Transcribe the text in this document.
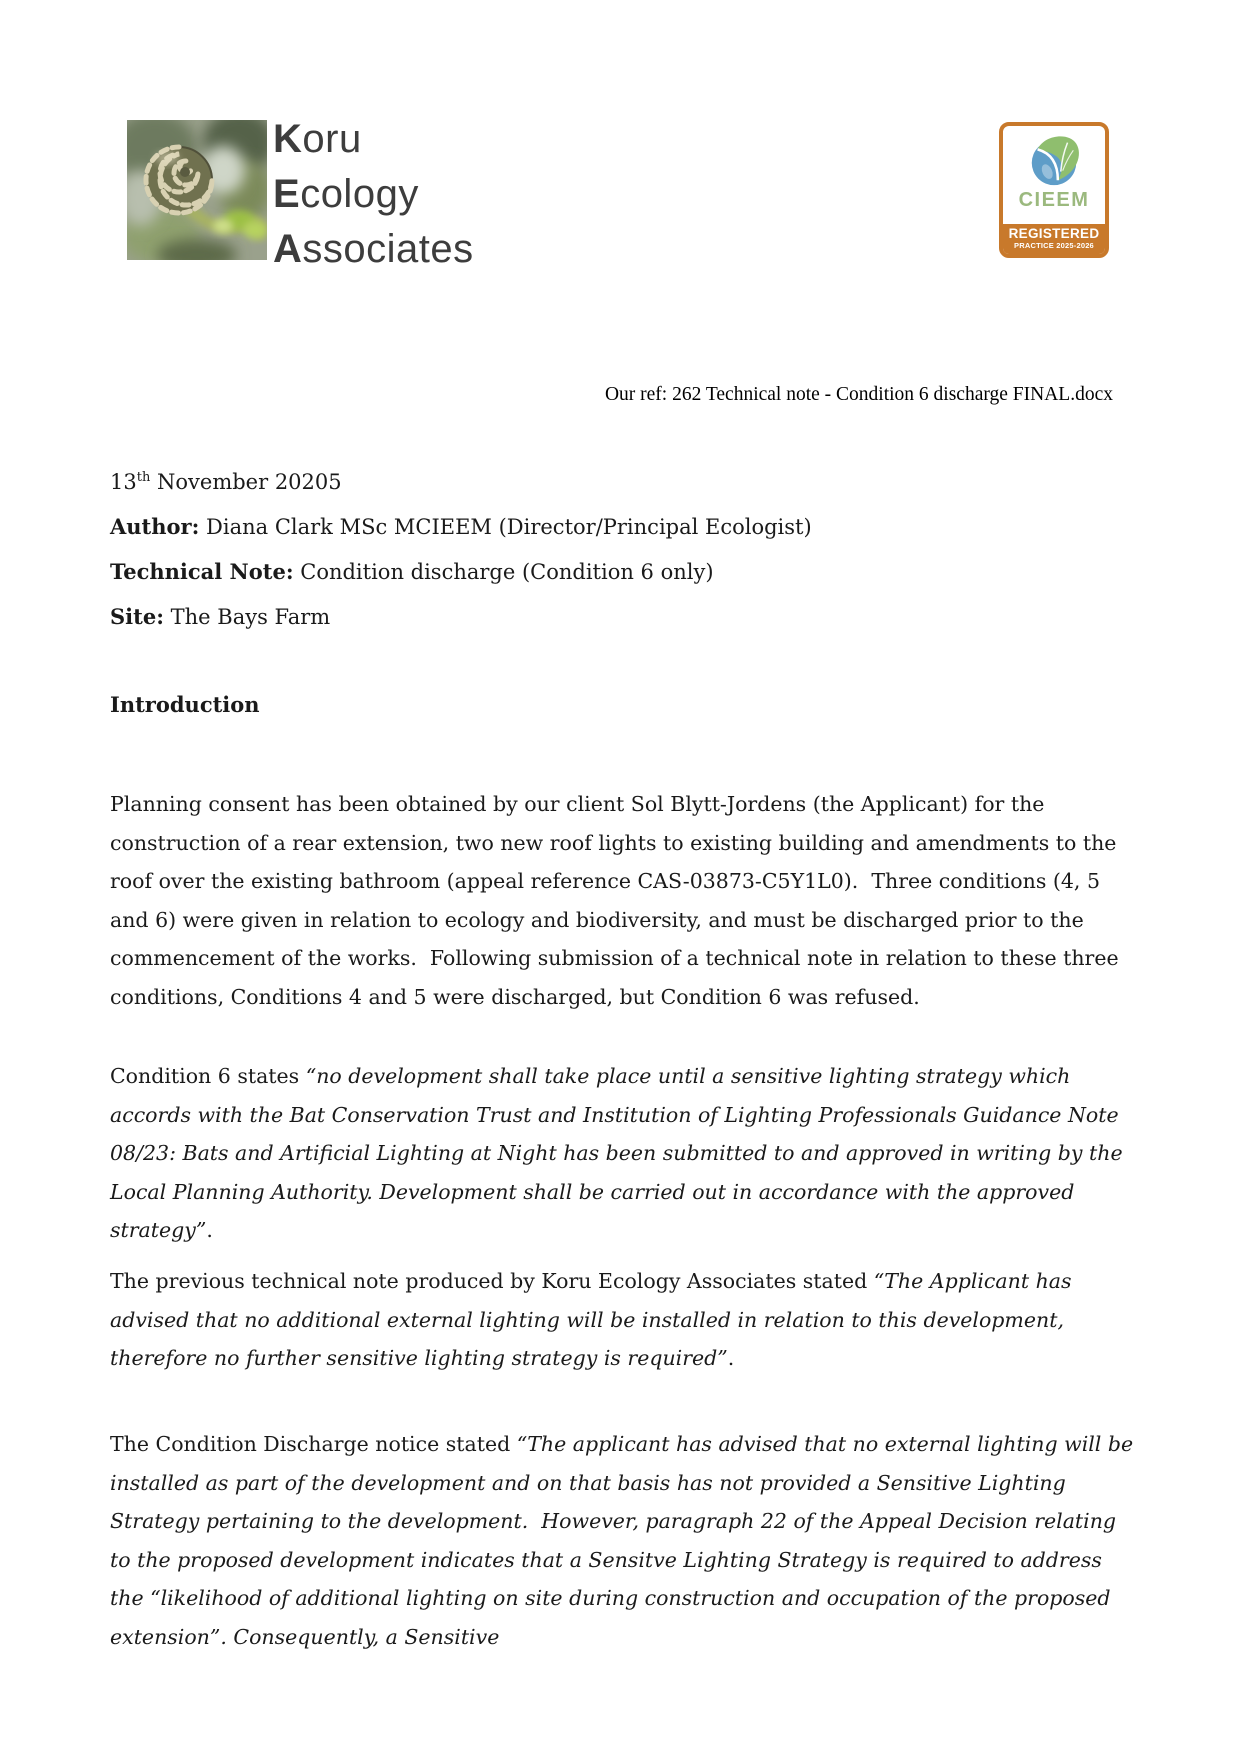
Koru
Ecology
Associates
CIEEM
REGISTERED
PRACTICE 2025-2026
Our ref: 262 Technical note - Condition 6 discharge FINAL.docx
13th November 20205
Author: Diana Clark MSc MCIEEM (Director/Principal Ecologist)
Technical Note: Condition discharge (Condition 6 only)
Site: The Bays Farm
Introduction
Planning consent has been obtained by our client Sol Blytt-Jordens (the Applicant) for the construction of a rear extension, two new roof lights to existing building and amendments to the roof over the existing bathroom (appeal reference CAS-03873-C5Y1L0).  Three conditions (4, 5 and 6) were given in relation to ecology and biodiversity, and must be discharged prior to the commencement of the works.  Following submission of a technical note in relation to these three conditions, Conditions 4 and 5 were discharged, but Condition 6 was refused.
Condition 6 states “no development shall take place until a sensitive lighting strategy which accords with the Bat Conservation Trust and Institution of Lighting Professionals Guidance Note 08/23: Bats and Artificial Lighting at Night has been submitted to and approved in writing by the Local Planning Authority. Development shall be carried out in accordance with the approved strategy”.
The previous technical note produced by Koru Ecology Associates stated “The Applicant has advised that no additional external lighting will be installed in relation to this development, therefore no further sensitive lighting strategy is required”.
The Condition Discharge notice stated “The applicant has advised that no external lighting will be installed as part of the development and on that basis has not provided a Sensitive Lighting Strategy pertaining to the development.  However, paragraph 22 of the Appeal Decision relating to the proposed development indicates that a Sensitve Lighting Strategy is required to address the “likelihood of additional lighting on site during construction and occupation of the proposed extension”. Consequently, a Sensitive
